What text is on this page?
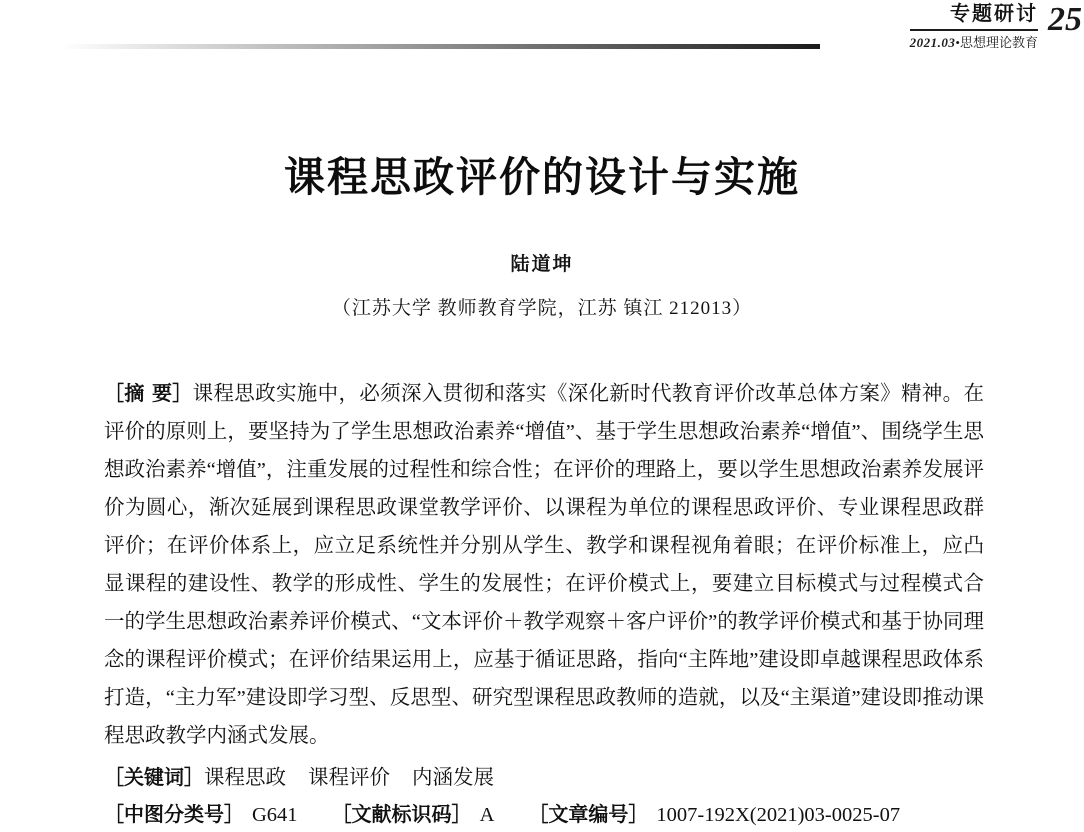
专题研讨
2021.03•思想理论教育
25
课程思政评价的设计与实施
陆道坤
（江苏大学 教师教育学院，江苏 镇江 212013）
［摘 要］课程思政实施中，必须深入贯彻和落实《深化新时代教育评价改革总体方案》精神。在评价的原则上，要坚持为了学生思想政治素养“增值”、基于学生思想政治素养“增值”、围绕学生思想政治素养“增值”，注重发展的过程性和综合性；在评价的理路上，要以学生思想政治素养发展评价为圆心，渐次延展到课程思政课堂教学评价、以课程为单位的课程思政评价、专业课程思政群评价；在评价体系上，应立足系统性并分别从学生、教学和课程视角着眼；在评价标准上，应凸显课程的建设性、教学的形成性、学生的发展性；在评价模式上，要建立目标模式与过程模式合一的学生思想政治素养评价模式、“文本评价＋教学观察＋客户评价”的教学评价模式和基于协同理念的课程评价模式；在评价结果运用上，应基于循证思路，指向“主阵地”建设即卓越课程思政体系打造，“主力军”建设即学习型、反思型、研究型课程思政教师的造就，以及“主渠道”建设即推动课程思政教学内涵式发展。
［关键词］课程思政 课程评价 内涵发展
［中图分类号］ G641 ［文献标识码］ A ［文章编号］ 1007-192X(2021)03-0025-07
